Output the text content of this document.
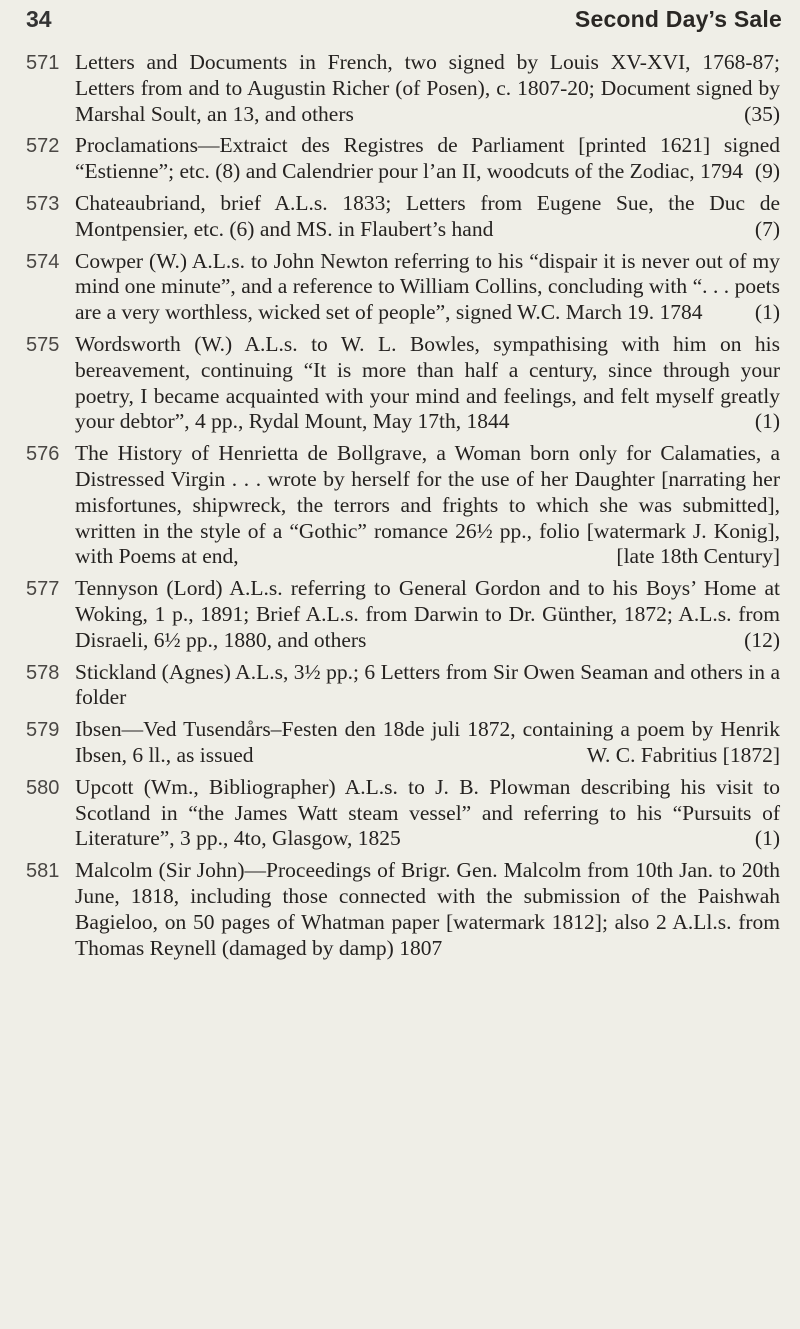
34	Second Day’s Sale
571 Letters and Documents in French, two signed by Louis XV-XVI, 1768-87; Letters from and to Augustin Richer (of Posen), c. 1807-20; Document signed by Marshal Soult, an 13, and others	(35)
572 Proclamations—Extraict des Registres de Parliament [printed 1621] signed “Estienne”; etc. (8) and Calendrier pour l’an II, woodcuts of the Zodiac, 1794 (9)
573 Chateaubriand, brief A.L.s. 1833; Letters from Eugene Sue, the Duc de Montpensier, etc. (6) and MS. in Flaubert’s hand	(7)
574 Cowper (W.) A.L.s. to John Newton referring to his “dispair it is never out of my mind one minute”, and a reference to William Collins, concluding with “. . . poets are a very worthless, wicked set of people”, signed W.C. March 19. 1784 (1)
575 Wordsworth (W.) A.L.s. to W. L. Bowles, sympathising with him on his bereavement, continuing “It is more than half a century, since through your poetry, I became acquainted with your mind and feelings, and felt myself greatly your debtor”, 4 pp., Rydal Mount, May 17th, 1844	(1)
576 The History of Henrietta de Bollgrave, a Woman born only for Calamaties, a Distressed Virgin . . . wrote by herself for the use of her Daughter [narrating her misfortunes, shipwreck, the terrors and frights to which she was submitted], written in the style of a “Gothic” romance 26½ pp., folio [watermark J. Konig], with Poems at end,	[late 18th Century]
577 Tennyson (Lord) A.L.s. referring to General Gordon and to his Boys’ Home at Woking, 1 p., 1891; Brief A.L.s. from Darwin to Dr. Günther, 1872; A.L.s. from Disraeli, 6½ pp., 1880, and others	(12)
578 Stickland (Agnes) A.L.s, 3½ pp.; 6 Letters from Sir Owen Seaman and others in a folder
579 Ibsen—Ved Tusendårs–Festen den 18de juli 1872, containing a poem by Henrik Ibsen, 6 ll., as issued	W. C. Fabritius [1872]
580 Upcott (Wm., Bibliographer) A.L.s. to J. B. Plowman describing his visit to Scotland in “the James Watt steam vessel” and referring to his “Pursuits of Literature”, 3 pp., 4to, Glasgow, 1825	(1)
581 Malcolm (Sir John)—Proceedings of Brigr. Gen. Malcolm from 10th Jan. to 20th June, 1818, including those connected with the submission of the Paishwah Bagieloo, on 50 pages of Whatman paper [watermark 1812]; also 2 A.Ll.s. from Thomas Reynell (damaged by damp) 1807
